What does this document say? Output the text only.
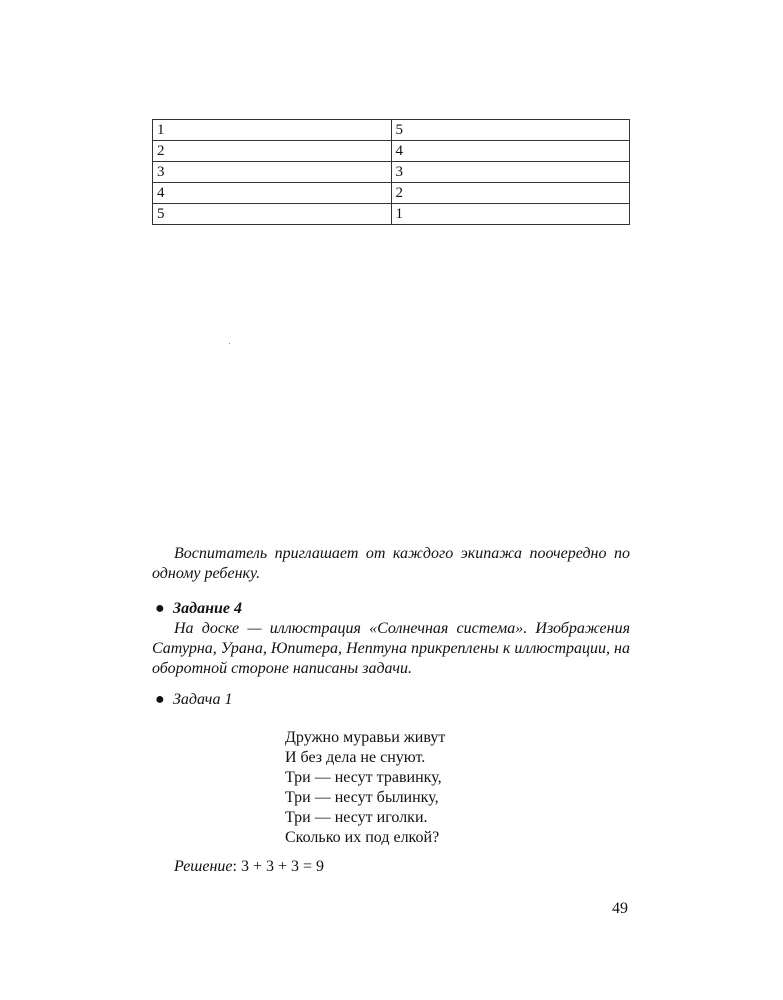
1	5
2	4
3	3
4	2
5	1
Воспитатель приглашает от каждого экипажа поочередно по одному ребенку.
● Задание 4
На доске — иллюстрация «Солнечная система». Изображения Сатурна, Урана, Юпитера, Нептуна прикреплены к иллюстрации, на оборотной стороне написаны задачи.
● Задача 1
Дружно муравьи живут
И без дела не снуют.
Три — несут травинку,
Три — несут былинку,
Три — несут иголки.
Сколько их под елкой?
Решение: 3 + 3 + 3 = 9
49
